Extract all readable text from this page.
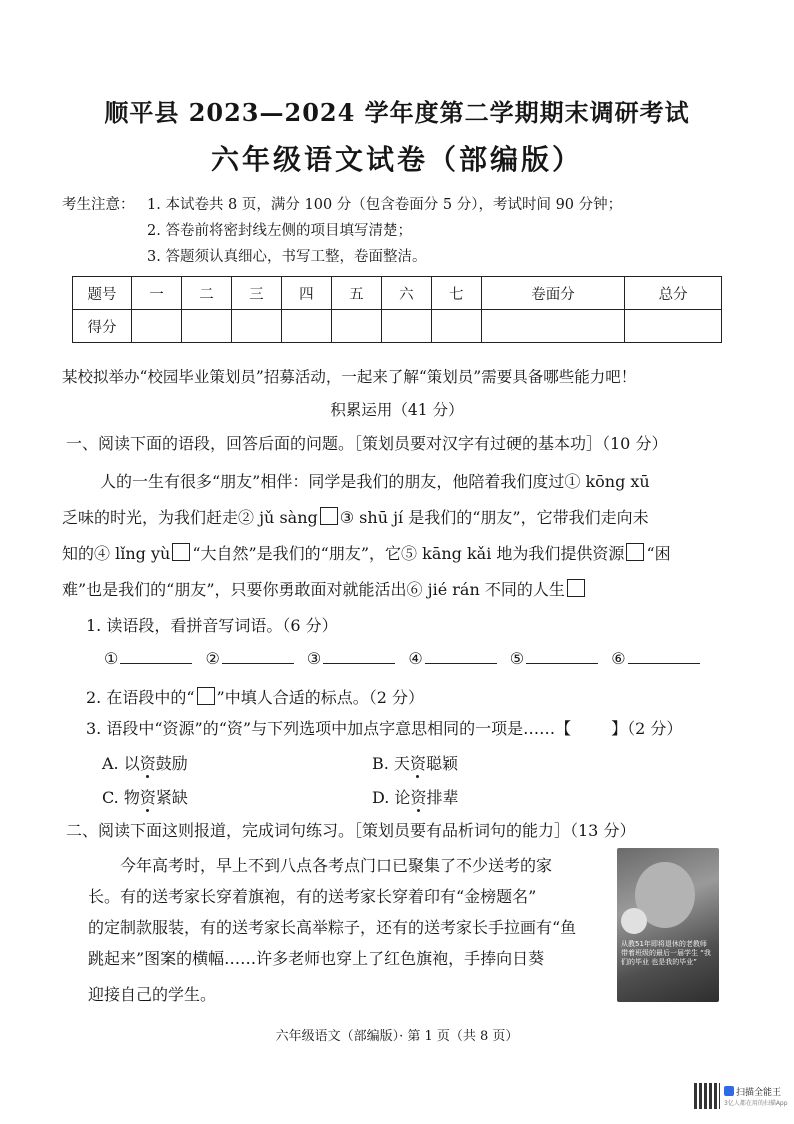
顺平县 2023—2024 学年度第二学期期末调研考试
六年级语文试卷（部编版）
考生注意： 1. 本试卷共 8 页，满分 100 分（包含卷面分 5 分），考试时间 90 分钟；
2. 答卷前将密封线左侧的项目填写清楚；
3. 答题须认真细心，书写工整，卷面整洁。
题号	一	二	三	四	五	六	七	卷面分	总分
得分									
某校拟举办“校园毕业策划员”招募活动，一起来了解“策划员”需要具备哪些能力吧！
积累运用（41 分）
一、阅读下面的语段，回答后面的问题。［策划员要对汉字有过硬的基本功］（10 分）
人的一生有很多“朋友”相伴：同学是我们的朋友，他陪着我们度过① kōng xū
乏味的时光，为我们赶走② jǔ sàng ③ shū jí 是我们的“朋友”，它带我们走向未
知的④ lǐng yù “大自然”是我们的“朋友”，它⑤ kāng kǎi 地为我们提供资源 “困
难”也是我们的“朋友”，只要你勇敢面对就能活出⑥ jié rán 不同的人生
1. 读语段，看拼音写词语。（6 分）
①	②	③	④	⑤	⑥
2. 在语段中的“ ”中填人合适的标点。（2 分）
3. 语段中“资源”的“资”与下列选项中加点字意思相同的一项是……【	】（2 分）
A. 以资鼓励	B. 天资聪颖
C. 物资紧缺	D. 论资排辈
二、阅读下面这则报道，完成词句练习。［策划员要有品析词句的能力］（13 分）
今年高考时，早上不到八点各考点门口已聚集了不少送考的家
长。有的送考家长穿着旗袍，有的送考家长穿着印有“金榜题名”
的定制款服装，有的送考家长高举粽子，还有的送考家长手拉画有“鱼
跳起来”图案的横幅……许多老师也穿上了红色旗袍，手捧向日葵
迎接自己的学生。
从教51年即将退休的老教师 带着班级的最后一届学生 “我们的毕业 也是我的毕业”
六年级语文（部编版）· 第 1 页（共 8 页）
扫描全能王
3亿人都在用的扫描App
